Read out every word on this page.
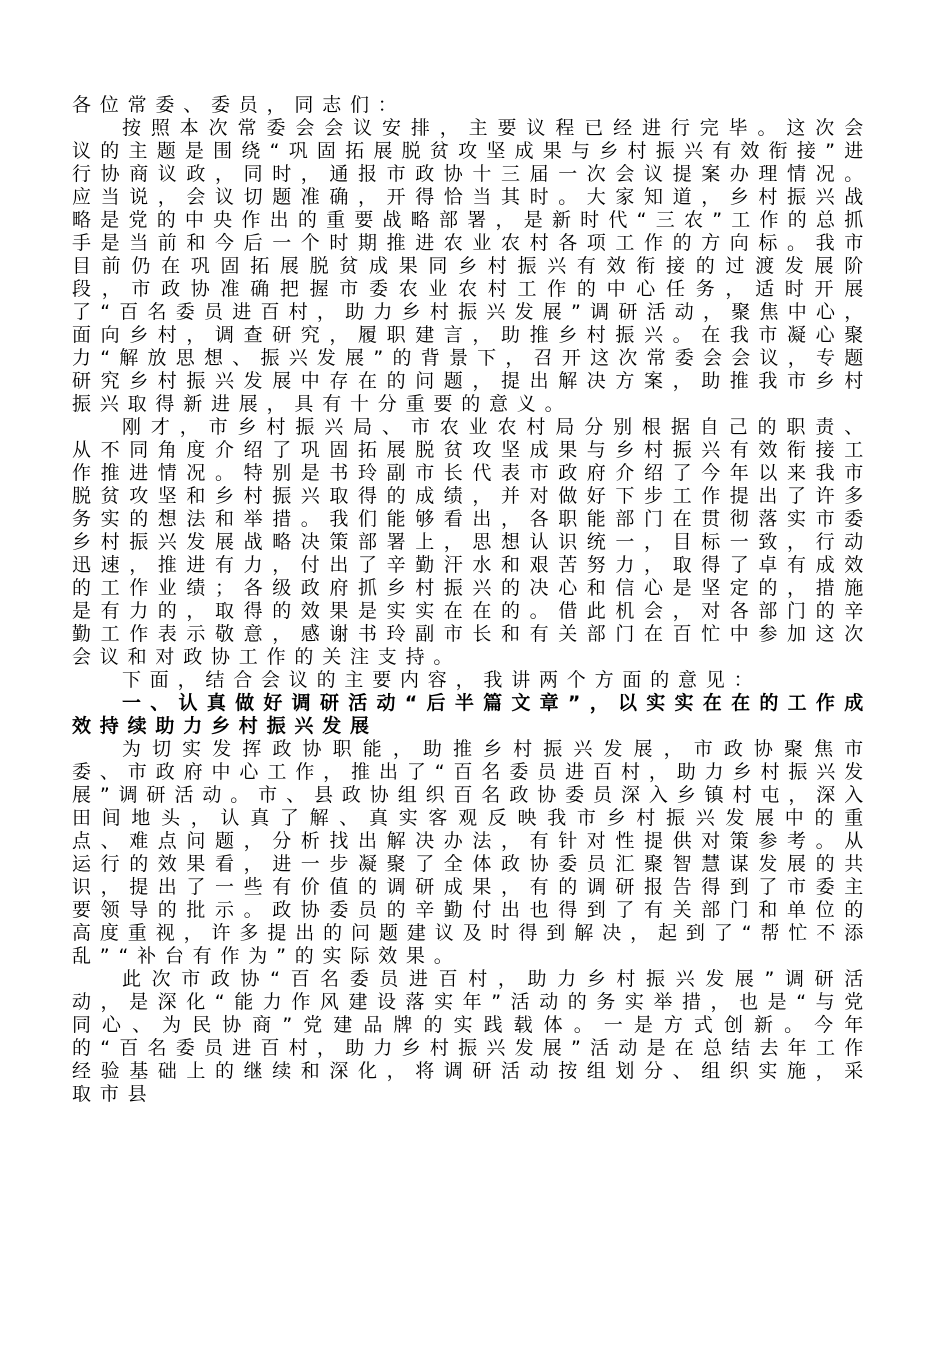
各位常委、委员，同志们：

按照本次常委会会议安排，主要议程已经进行完毕。这次会议的主题是围绕“巩固拓展脱贫攻坚成果与乡村振兴有效衔接”进行协商议政，同时，通报市政协十三届一次会议提案办理情况。应当说，会议切题准确，开得恰当其时。大家知道，乡村振兴战略是党的中央作出的重要战略部署，是新时代“三农”工作的总抓手是当前和今后一个时期推进农业农村各项工作的方向标。我市目前仍在巩固拓展脱贫成果同乡村振兴有效衔接的过渡发展阶段，市政协准确把握市委农业农村工作的中心任务，适时开展了“百名委员进百村，助力乡村振兴发展”调研活动，聚焦中心，面向乡村，调查研究，履职建言，助推乡村振兴。在我市凝心聚力“解放思想、振兴发展”的背景下，召开这次常委会会议，专题研究乡村振兴发展中存在的问题，提出解决方案，助推我市乡村振兴取得新进展，具有十分重要的意义。

刚才，市乡村振兴局、市农业农村局分别根据自己的职责、从不同角度介绍了巩固拓展脱贫攻坚成果与乡村振兴有效衔接工作推进情况。特别是书玲副市长代表市政府介绍了今年以来我市脱贫攻坚和乡村振兴取得的成绩，并对做好下步工作提出了许多务实的想法和举措。我们能够看出，各职能部门在贯彻落实市委乡村振兴发展战略决策部署上，思想认识统一，目标一致，行动迅速，推进有力，付出了辛勤汗水和艰苦努力，取得了卓有成效的工作业绩；各级政府抓乡村振兴的决心和信心是坚定的，措施是有力的，取得的效果是实实在在的。借此机会，对各部门的辛勤工作表示敬意，感谢书玲副市长和有关部门在百忙中参加这次会议和对政协工作的关注支持。

下面，结合会议的主要内容，我讲两个方面的意见：

一、认真做好调研活动“后半篇文章”，以实实在在的工作成效持续助力乡村振兴发展

为切实发挥政协职能，助推乡村振兴发展，市政协聚焦市委、市政府中心工作，推出了“百名委员进百村，助力乡村振兴发展”调研活动。市、县政协组织百名政协委员深入乡镇村屯，深入田间地头，认真了解、真实客观反映我市乡村振兴发展中的重点、难点问题，分析找出解决办法，有针对性提供对策参考。从运行的效果看，进一步凝聚了全体政协委员汇聚智慧谋发展的共识，提出了一些有价值的调研成果，有的调研报告得到了市委主要领导的批示。政协委员的辛勤付出也得到了有关部门和单位的高度重视，许多提出的问题建议及时得到解决，起到了“帮忙不添乱”“补台有作为”的实际效果。

此次市政协“百名委员进百村，助力乡村振兴发展”调研活动，是深化“能力作风建设落实年”活动的务实举措，也是“与党同心、为民协商”党建品牌的实践载体。一是方式创新。今年的“百名委员进百村，助力乡村振兴发展”活动是在总结去年工作经验基础上的继续和深化，将调研活动按组划分、组织实施，采取市县
